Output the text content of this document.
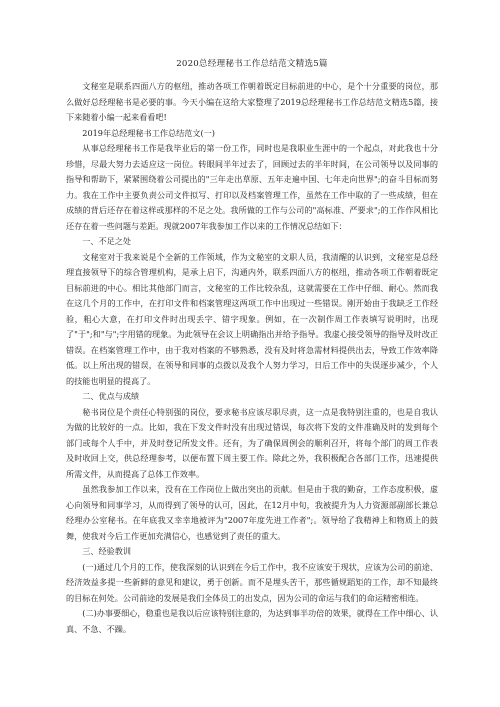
2020总经理秘书工作总结范文精选5篇

文秘室是联系四面八方的枢纽，推动各项工作朝着既定目标前进的中心，是个十分重要的岗位，那么做好总经理秘书是必要的事。今天小编在这给大家整理了2019总经理秘书工作总结范文精选5篇，接下来随着小编一起来看看吧!

2019年总经理秘书工作总结范文(一)

从事总经理秘书工作是我毕业后的第一份工作，同时也是我职业生涯中的一个起点，对此我也十分珍惜，尽最大努力去适应这一岗位。转眼间半年过去了，回顾过去的半年时间，在公司领导以及同事的指导和帮助下，紧紧围绕着公司提出的"三年走出草原、五年走遍中国、七年走向世界";的奋斗目标而努力。我在工作中主要负责公司文件拟写、打印以及档案管理工作，虽然在工作中取的了一些成绩，但在成绩的背后还存在着这样或那样的不足之处。我所做的工作与公司的"高标准、严要求";的工作作风相比还存在着一些问题与差距。现就2007年我参加工作以来的工作情况总结如下：

一、不足之处

文秘室对于我来说是个全新的工作领域，作为文秘室的文职人员，我清醒的认识到，文秘室是总经理直接领导下的综合管理机构，是承上启下，沟通内外，联系四面八方的枢纽，推动各项工作朝着既定目标前进的中心。相比其他部门而言，文秘室的工作比较杂乱，这就需要在工作中仔细、耐心。然而我在这几个月的工作中，在打印文件和档案管理这两项工作中出现过一些错误。刚开始由于我缺乏工作经验，粗心大意，在打印文件时出现丢字、错字现象。例如，在一次制作周工作表填写说明时，出现了"于";和"与";字用错的现象。为此领导在会议上明确指出并给予指导。我虚心接受领导的指导及时改正错误。在档案管理工作中，由于我对档案的不够熟悉，没有及时将急需材料提供出去，导致工作效率降低。以上所出现的错误，在领导和同事的点拨以及我个人努力学习，日后工作中的失误逐步减少，个人的技能也明显的提高了。

二、优点与成绩

秘书岗位是个责任心特别强的岗位，要求秘书应该尽职尽责，这一点是我特别注重的，也是自我认为做的比较好的一点。比如，我在下发文件时没有出现过错误，每次将下发的文件准确及时的发到每个部门或每个人手中，并及时登记所发文件。还有，为了确保周例会的顺利召开，将每个部门的周工作表及时收回上交，供总经理参考，以便布置下周主要工作。除此之外，我积极配合各部门工作，迅速提供所需文件，从而提高了总体工作效率。

虽然我参加工作以来，没有在工作岗位上做出突出的贡献。但是由于我的勤奋，工作态度积极，虚心向领导和同事学习，从而得到了领导的认可，因此，在12月中旬，我被提升为人力资源部副部长兼总经理办公室秘书。在年底我又幸幸地被评为"2007年度先进工作者";。领导给了我精神上和物质上的鼓舞，使我对今后工作更加充满信心，也感觉到了责任的重大。

三、经验教训

(一)通过几个月的工作，使我深刻的认识到在今后工作中，我不应该安于现状，应该为公司的前途、经济效益多提一些新鲜的意见和建议，勇于创新。而不是埋头苦干，那些循规蹈矩的工作，却不知最终的目标在何处。公司前途的发展是我们全体员工的出发点，因为公司的命运与我们的命运精密相连。

(二)办事要细心，稳重也是我以后应该特别注意的，为达到事半功倍的效果，就得在工作中细心、认真、不急、不躁。
